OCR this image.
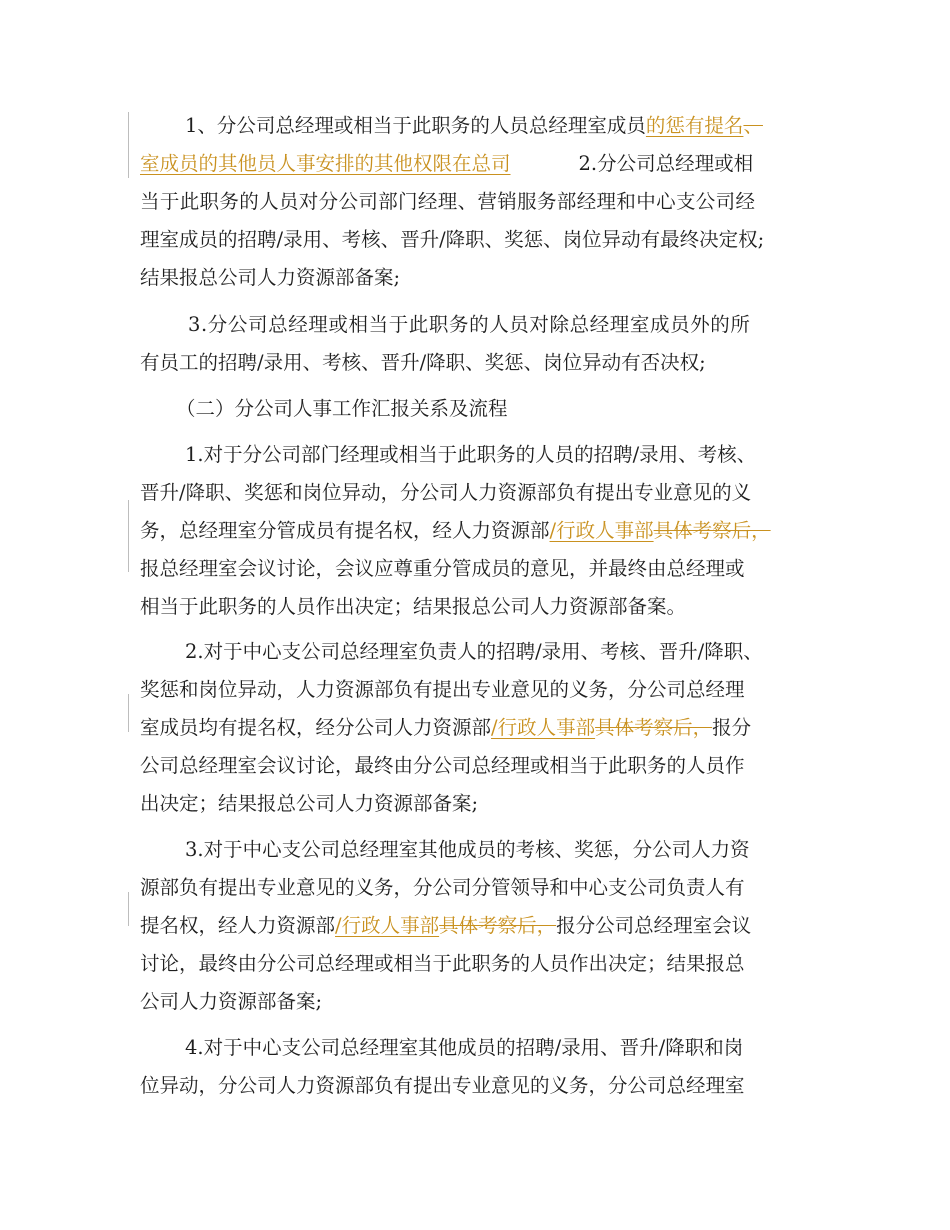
1、分公司总经理或相当于此职务的人员总经理室成员的惩有提名、
室成员的其他员人事安排的其他权限在总司	2.分公司总经理或相
当于此职务的人员对分公司部门经理、营销服务部经理和中心支公司经
理室成员的招聘/录用、考核、晋升/降职、奖惩、岗位异动有最终决定权;
结果报总公司人力资源部备案;
3.分公司总经理或相当于此职务的人员对除总经理室成员外的所
有员工的招聘/录用、考核、晋升/降职、奖惩、岗位异动有否决权;
（二）分公司人事工作汇报关系及流程
1.对于分公司部门经理或相当于此职务的人员的招聘/录用、考核、
晋升/降职、奖惩和岗位异动，分公司人力资源部负有提出专业意见的义
务，总经理室分管成员有提名权，经人力资源部/行政人事部具体考察后，
报总经理室会议讨论，会议应尊重分管成员的意见，并最终由总经理或
相当于此职务的人员作出决定；结果报总公司人力资源部备案。
2.对于中心支公司总经理室负责人的招聘/录用、考核、晋升/降职、
奖惩和岗位异动，人力资源部负有提出专业意见的义务，分公司总经理
室成员均有提名权，经分公司人力资源部/行政人事部具体考察后，报分
公司总经理室会议讨论，最终由分公司总经理或相当于此职务的人员作
出决定；结果报总公司人力资源部备案;
3.对于中心支公司总经理室其他成员的考核、奖惩，分公司人力资
源部负有提出专业意见的义务，分公司分管领导和中心支公司负责人有
提名权，经人力资源部/行政人事部具体考察后，报分公司总经理室会议
讨论，最终由分公司总经理或相当于此职务的人员作出决定；结果报总
公司人力资源部备案;
4.对于中心支公司总经理室其他成员的招聘/录用、晋升/降职和岗
位异动，分公司人力资源部负有提出专业意见的义务，分公司总经理室
